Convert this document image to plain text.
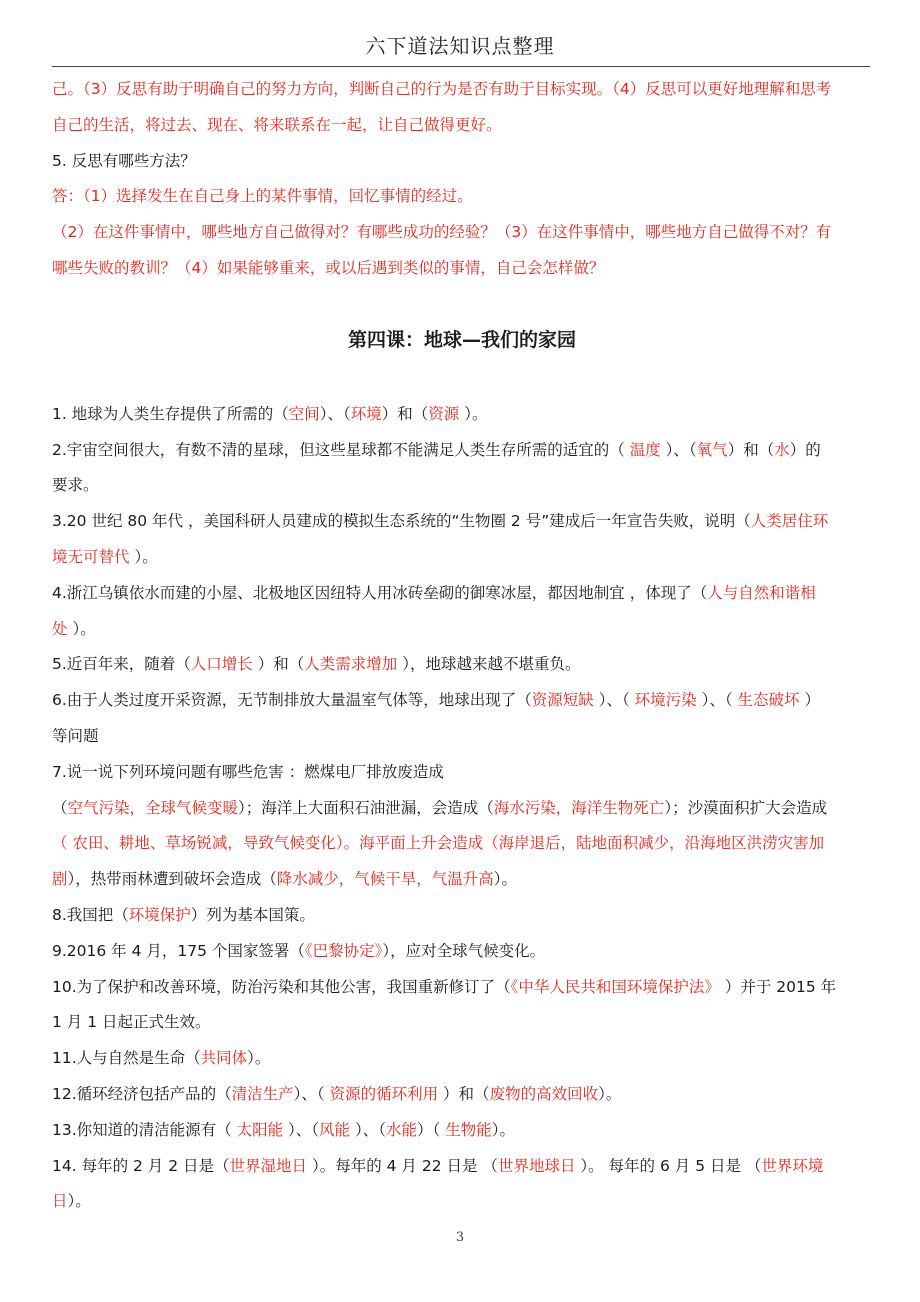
六下道法知识点整理
己。（3）反思有助于明确自己的努力方向，判断自己的行为是否有助于目标实现。（4）反思可以更好地理解和思考
自己的生活，将过去、现在、将来联系在一起，让自己做得更好。
5. 反思有哪些方法？
答：（1）选择发生在自己身上的某件事情，回忆事情的经过。
（2）在这件事情中，哪些地方自己做得对？有哪些成功的经验？（3）在这件事情中，哪些地方自己做得不对？有
哪些失败的教训？（4）如果能够重来，或以后遇到类似的事情，自己会怎样做？
第四课：地球—我们的家园
1. 地球为人类生存提供了所需的（空间）、（环境）和（资源 ）。
2.宇宙空间很大，有数不清的星球，但这些星球都不能满足人类生存所需的适宜的（ 温度 ）、（氧气）和（水）的
要求。
3.20 世纪 80 年代 ，美国科研人员建成的模拟生态系统的“生物圈 2 号”建成后一年宣告失败，说明（人类居住环
境无可替代 ）。
4.浙江乌镇依水而建的小屋、北极地区因纽特人用冰砖垒砌的御寒冰屋，都因地制宜 ，体现了（人与自然和谐相
处 ）。
5.近百年来，随着（人口增长 ）和（人类需求增加 ），地球越来越不堪重负。
6.由于人类过度开采资源，无节制排放大量温室气体等，地球出现了（资源短缺 ）、（ 环境污染 ）、（ 生态破坏 ）
等问题
7.说一说下列环境问题有哪些危害 ：燃煤电厂排放废造成
（空气污染，全球气候变暖）；海洋上大面积石油泄漏，会造成（海水污染，海洋生物死亡）；沙漠面积扩大会造成
（ 农田、耕地、草场锐减，导致气候变化）。海平面上升会造成（海岸退后，陆地面积减少，沿海地区洪涝灾害加
剧），热带雨林遭到破坏会造成（降水减少，气候干旱，气温升高）。
8.我国把（环境保护）列为基本国策。
9.2016 年 4 月，175 个国家签署（《巴黎协定》），应对全球气候变化。
10.为了保护和改善环境，防治污染和其他公害，我国重新修订了（《中华人民共和国环境保护法》 ）并于 2015 年
1 月 1 日起正式生效。
11.人与自然是生命（共同体）。
12.循环经济包括产品的（清洁生产）、（ 资源的循环利用 ）和（废物的高效回收）。
13.你知道的清洁能源有（ 太阳能 ）、（风能 ）、（水能）（ 生物能）。
14. 每年的 2 月 2 日是（世界湿地日 ）。每年的 4 月 22 日是 （世界地球日 ）。 每年的 6 月 5 日是 （世界环境
日）。
3
